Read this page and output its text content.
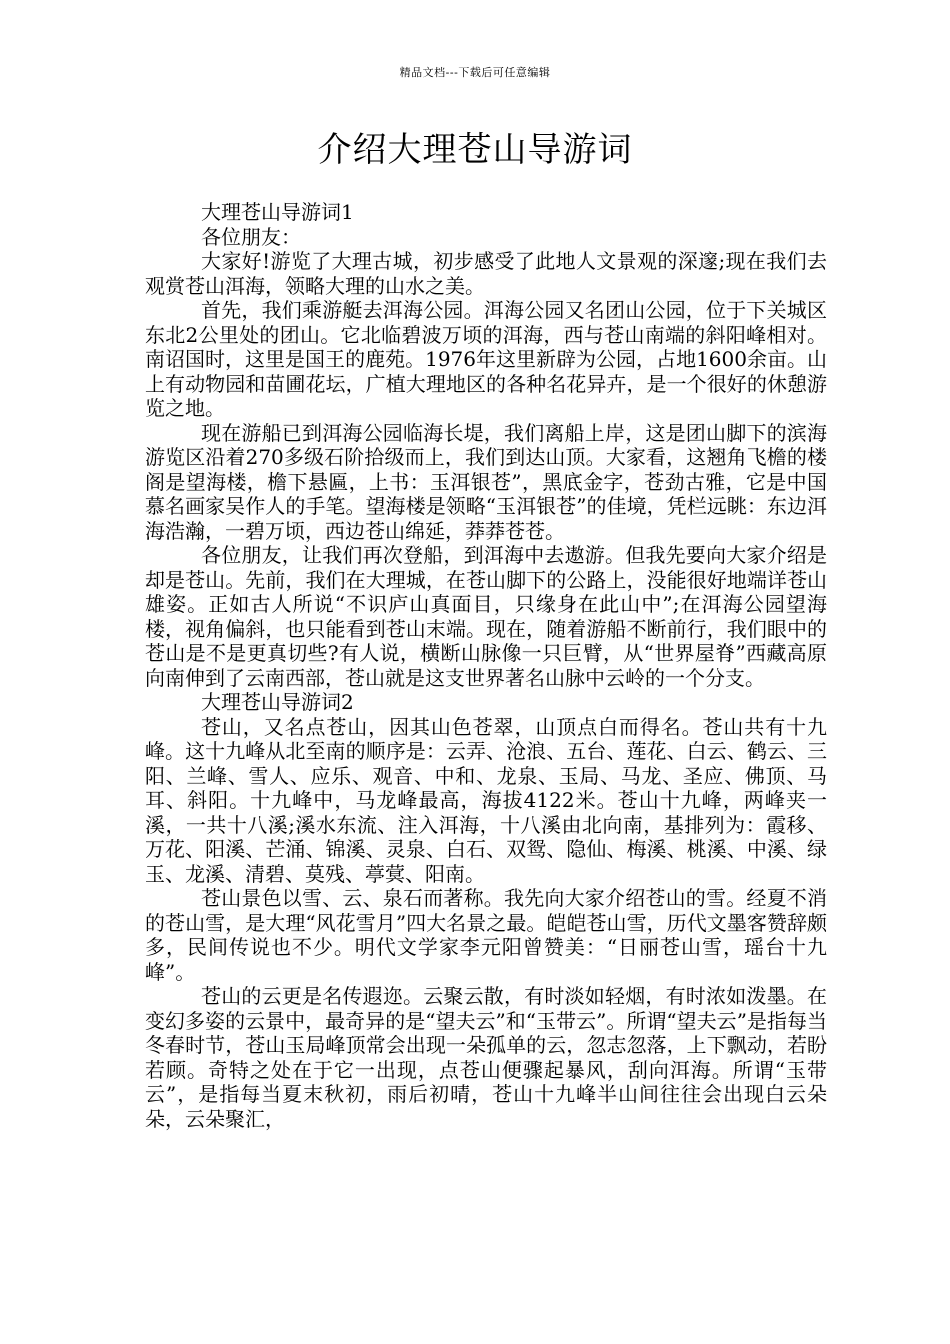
精品文档---下载后可任意编辑
介绍大理苍山导游词

大理苍山导游词1

各位朋友：

大家好!游览了大理古城，初步感受了此地人文景观的深邃;现在我们去观赏苍山洱海，领略大理的山水之美。

首先，我们乘游艇去洱海公园。洱海公园又名团山公园，位于下关城区东北2公里处的团山。它北临碧波万顷的洱海，西与苍山南端的斜阳峰相对。南诏国时，这里是国王的鹿苑。1976年这里新辟为公园，占地1600余亩。山上有动物园和苗圃花坛，广植大理地区的各种名花异卉，是一个很好的休憩游览之地。

现在游船已到洱海公园临海长堤，我们离船上岸，这是团山脚下的滨海游览区沿着270多级石阶拾级而上，我们到达山顶。大家看，这翘角飞檐的楼阁是望海楼，檐下悬匾，上书：玉洱银苍”，黑底金字，苍劲古雅，它是中国慕名画家吴作人的手笔。望海楼是领略“玉洱银苍”的佳境，凭栏远眺：东边洱海浩瀚，一碧万顷，西边苍山绵延，莽莽苍苍。

各位朋友，让我们再次登船，到洱海中去遨游。但我先要向大家介绍是却是苍山。先前，我们在大理城，在苍山脚下的公路上，没能很好地端详苍山雄姿。正如古人所说“不识庐山真面目，只缘身在此山中”;在洱海公园望海楼，视角偏斜，也只能看到苍山末端。现在，随着游船不断前行，我们眼中的苍山是不是更真切些?有人说，横断山脉像一只巨臂，从“世界屋脊”西藏高原向南伸到了云南西部，苍山就是这支世界著名山脉中云岭的一个分支。

大理苍山导游词2

苍山，又名点苍山，因其山色苍翠，山顶点白而得名。苍山共有十九峰。这十九峰从北至南的顺序是：云弄、沧浪、五台、莲花、白云、鹤云、三阳、兰峰、雪人、应乐、观音、中和、龙泉、玉局、马龙、圣应、佛顶、马耳、斜阳。十九峰中，马龙峰最高，海拔4122米。苍山十九峰，两峰夹一溪，一共十八溪;溪水东流、注入洱海，十八溪由北向南，基排列为：霞移、万花、阳溪、芒涌、锦溪、灵泉、白石、双鸳、隐仙、梅溪、桃溪、中溪、绿玉、龙溪、清碧、莫残、葶蓂、阳南。

苍山景色以雪、云、泉石而著称。我先向大家介绍苍山的雪。经夏不消的苍山雪，是大理“风花雪月”四大名景之最。皑皑苍山雪，历代文墨客赞辞颇多，民间传说也不少。明代文学家李元阳曾赞美：“日丽苍山雪，瑶台十九峰”。

苍山的云更是名传遐迩。云聚云散，有时淡如轻烟，有时浓如泼墨。在变幻多姿的云景中，最奇异的是“望夫云”和“玉带云”。所谓“望夫云”是指每当冬春时节，苍山玉局峰顶常会出现一朵孤单的云，忽志忽落，上下飘动，若盼若顾。奇特之处在于它一出现，点苍山便骤起暴风，刮向洱海。所谓“玉带云”，是指每当夏末秋初，雨后初晴，苍山十九峰半山间往往会出现白云朵朵，云朵聚汇，
